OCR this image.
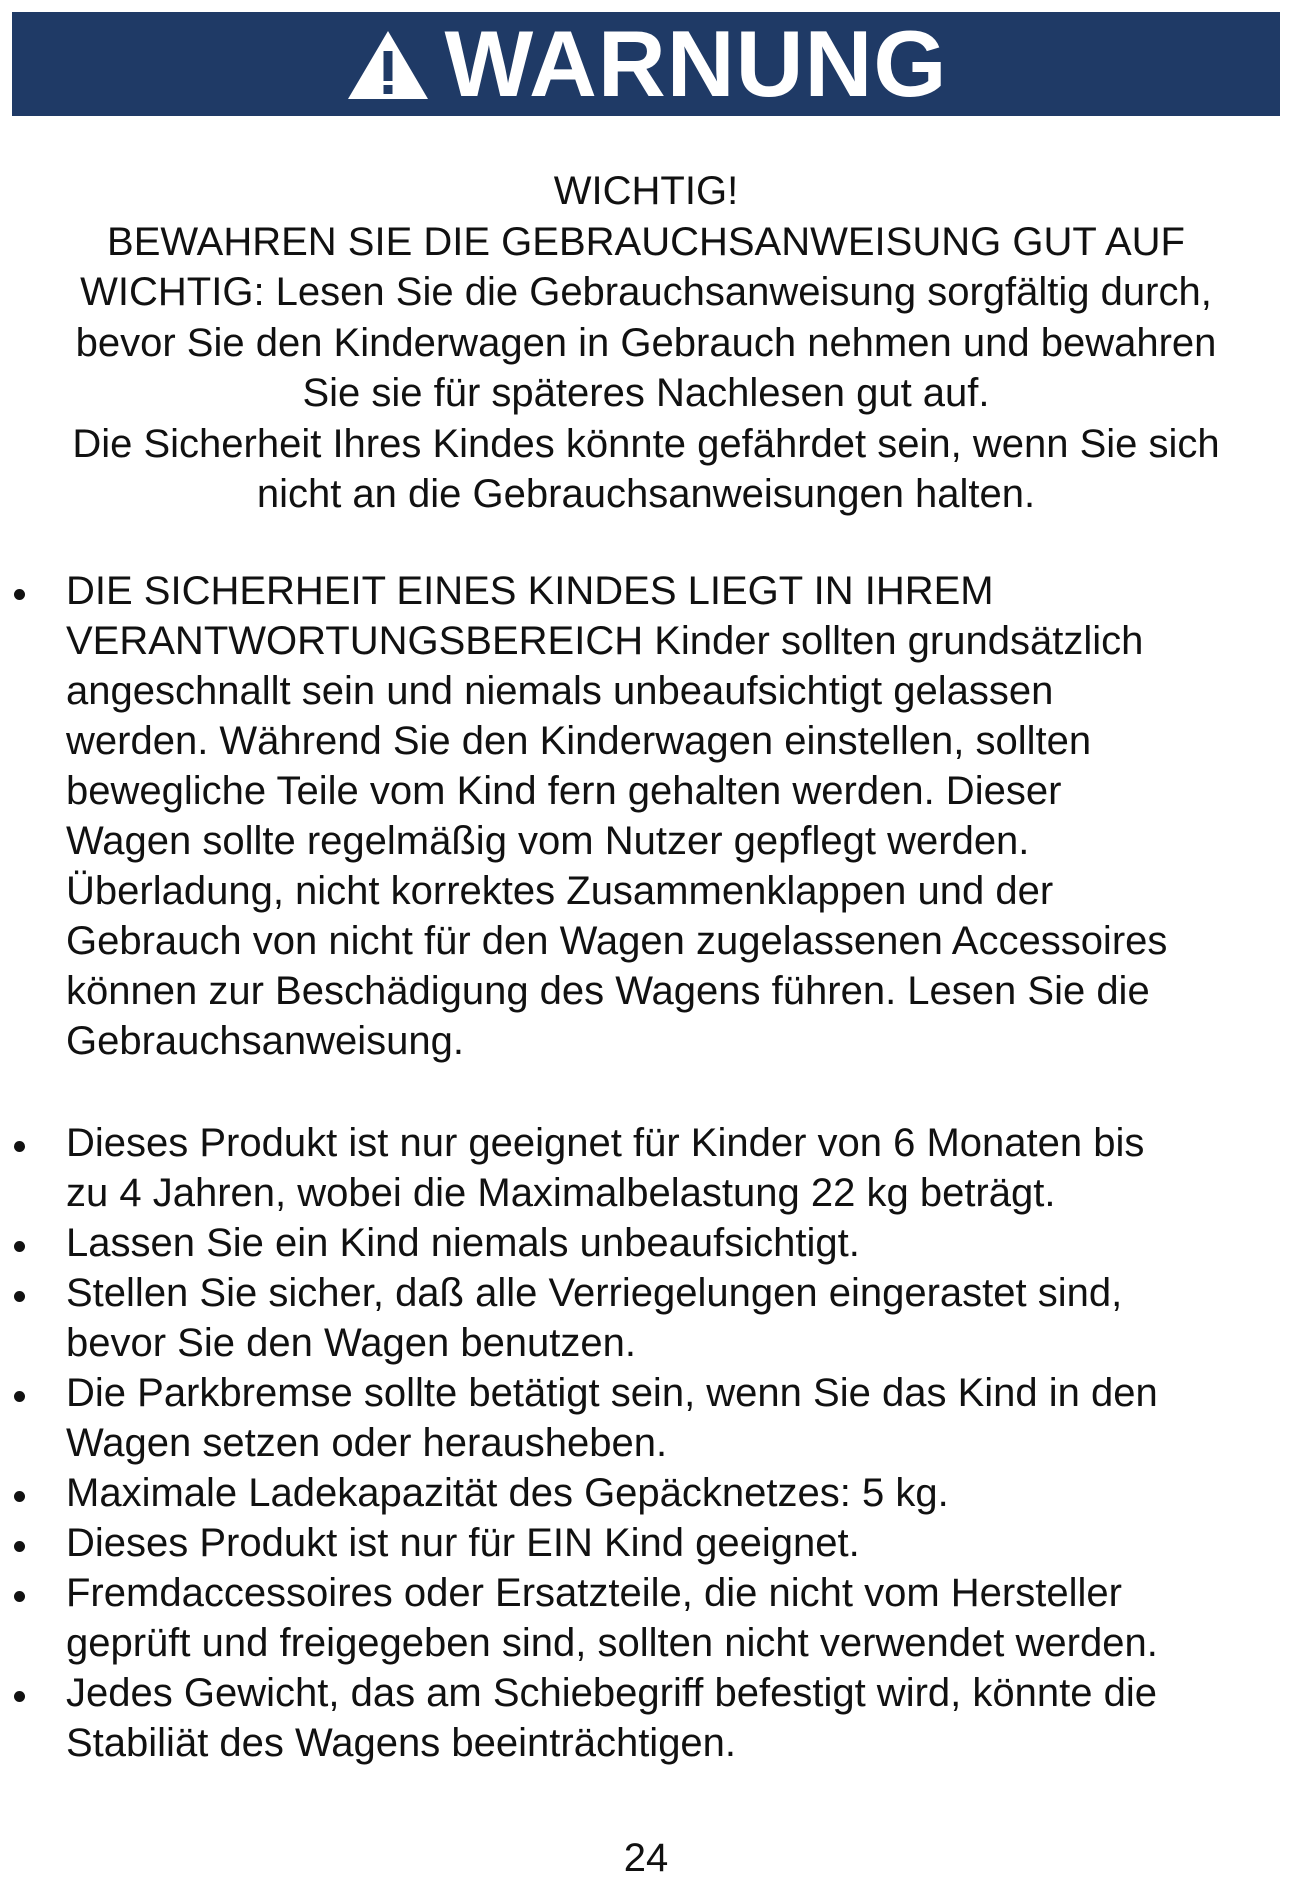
WARNUNG
WICHTIG!
BEWAHREN SIE DIE GEBRAUCHSANWEISUNG GUT AUF
WICHTIG: Lesen Sie die Gebrauchsanweisung sorgfältig durch,
bevor Sie den Kinderwagen in Gebrauch nehmen und bewahren
Sie sie für späteres Nachlesen gut auf.
Die Sicherheit Ihres Kindes könnte gefährdet sein, wenn Sie sich
nicht an die Gebrauchsanweisungen halten.
DIE SICHERHEIT EINES KINDES LIEGT IN IHREM
VERANTWORTUNGSBEREICH Kinder sollten grundsätzlich
angeschnallt sein und niemals unbeaufsichtigt gelassen
werden. Während Sie den Kinderwagen einstellen, sollten
bewegliche Teile vom Kind fern gehalten werden. Dieser
Wagen sollte regelmäßig vom Nutzer gepflegt werden.
Überladung, nicht korrektes Zusammenklappen und der
Gebrauch von nicht für den Wagen zugelassenen Accessoires
können zur Beschädigung des Wagens führen. Lesen Sie die
Gebrauchsanweisung.
Dieses Produkt ist nur geeignet für Kinder von 6 Monaten bis
zu 4 Jahren, wobei die Maximalbelastung 22 kg beträgt.
Lassen Sie ein Kind niemals unbeaufsichtigt.
Stellen Sie sicher, daß alle Verriegelungen eingerastet sind,
bevor Sie den Wagen benutzen.
Die Parkbremse sollte betätigt sein, wenn Sie das Kind in den
Wagen setzen oder herausheben.
Maximale Ladekapazität des Gepäcknetzes: 5 kg.
Dieses Produkt ist nur für EIN Kind geeignet.
Fremdaccessoires oder Ersatzteile, die nicht vom Hersteller
geprüft und freigegeben sind, sollten nicht verwendet werden.
Jedes Gewicht, das am Schiebegriff befestigt wird, könnte die
Stabiliät des Wagens beeinträchtigen.
24
